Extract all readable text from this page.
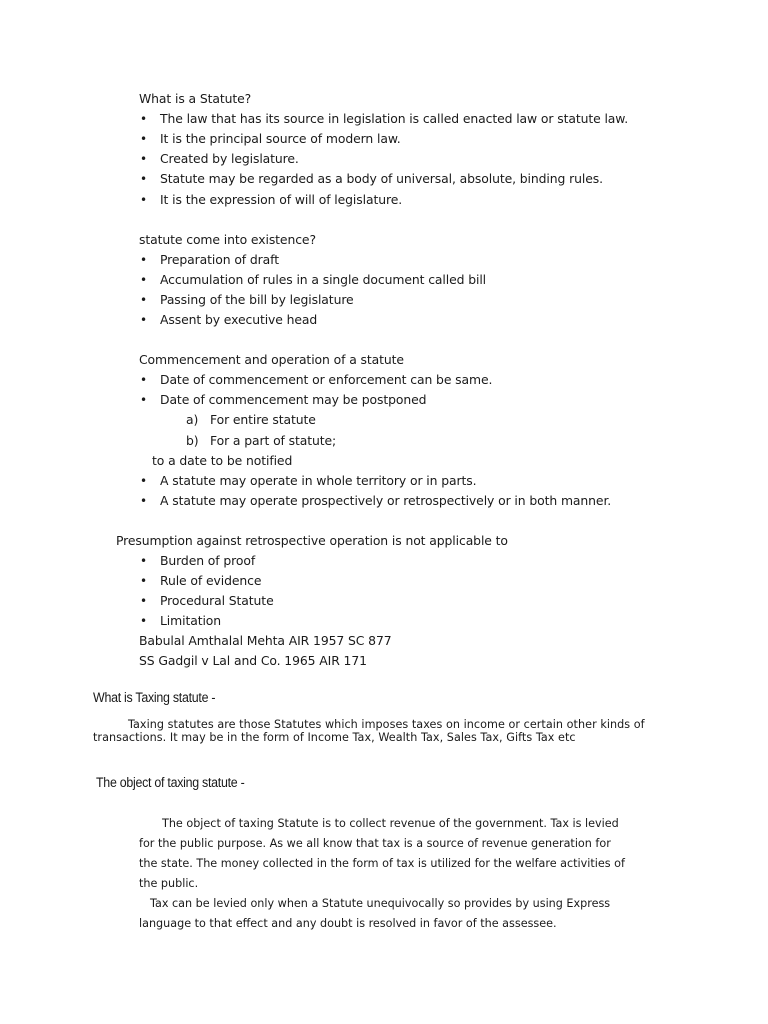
What is a Statute?
• The law that has its source in legislation is called enacted law or statute law.
• It is the principal source of modern law.
• Created by legislature.
• Statute may be regarded as a body of universal, absolute, binding rules.
• It is the expression of will of legislature.
statute come into existence?
• Preparation of draft
• Accumulation of rules in a single document called bill
• Passing of the bill by legislature
• Assent by executive head
Commencement and operation of a statute
• Date of commencement or enforcement can be same.
• Date of commencement may be postponed
a) For entire statute
b) For a part of statute;
to a date to be notified
• A statute may operate in whole territory or in parts.
• A statute may operate prospectively or retrospectively or in both manner.
Presumption against retrospective operation is not applicable to
• Burden of proof
• Rule of evidence
• Procedural Statute
• Limitation
Babulal Amthalal Mehta AIR 1957 SC 877
SS Gadgil v Lal and Co. 1965 AIR 171
What is Taxing statute -
Taxing statutes are those Statutes which imposes taxes on income or certain other kinds of
transactions. It may be in the form of Income Tax, Wealth Tax, Sales Tax, Gifts Tax etc
The object of taxing statute -
The object of taxing Statute is to collect revenue of the government. Tax is levied
for the public purpose. As we all know that tax is a source of revenue generation for
the state. The money collected in the form of tax is utilized for the welfare activities of
the public.
Tax can be levied only when a Statute unequivocally so provides by using Express
language to that effect and any doubt is resolved in favor of the assessee.
